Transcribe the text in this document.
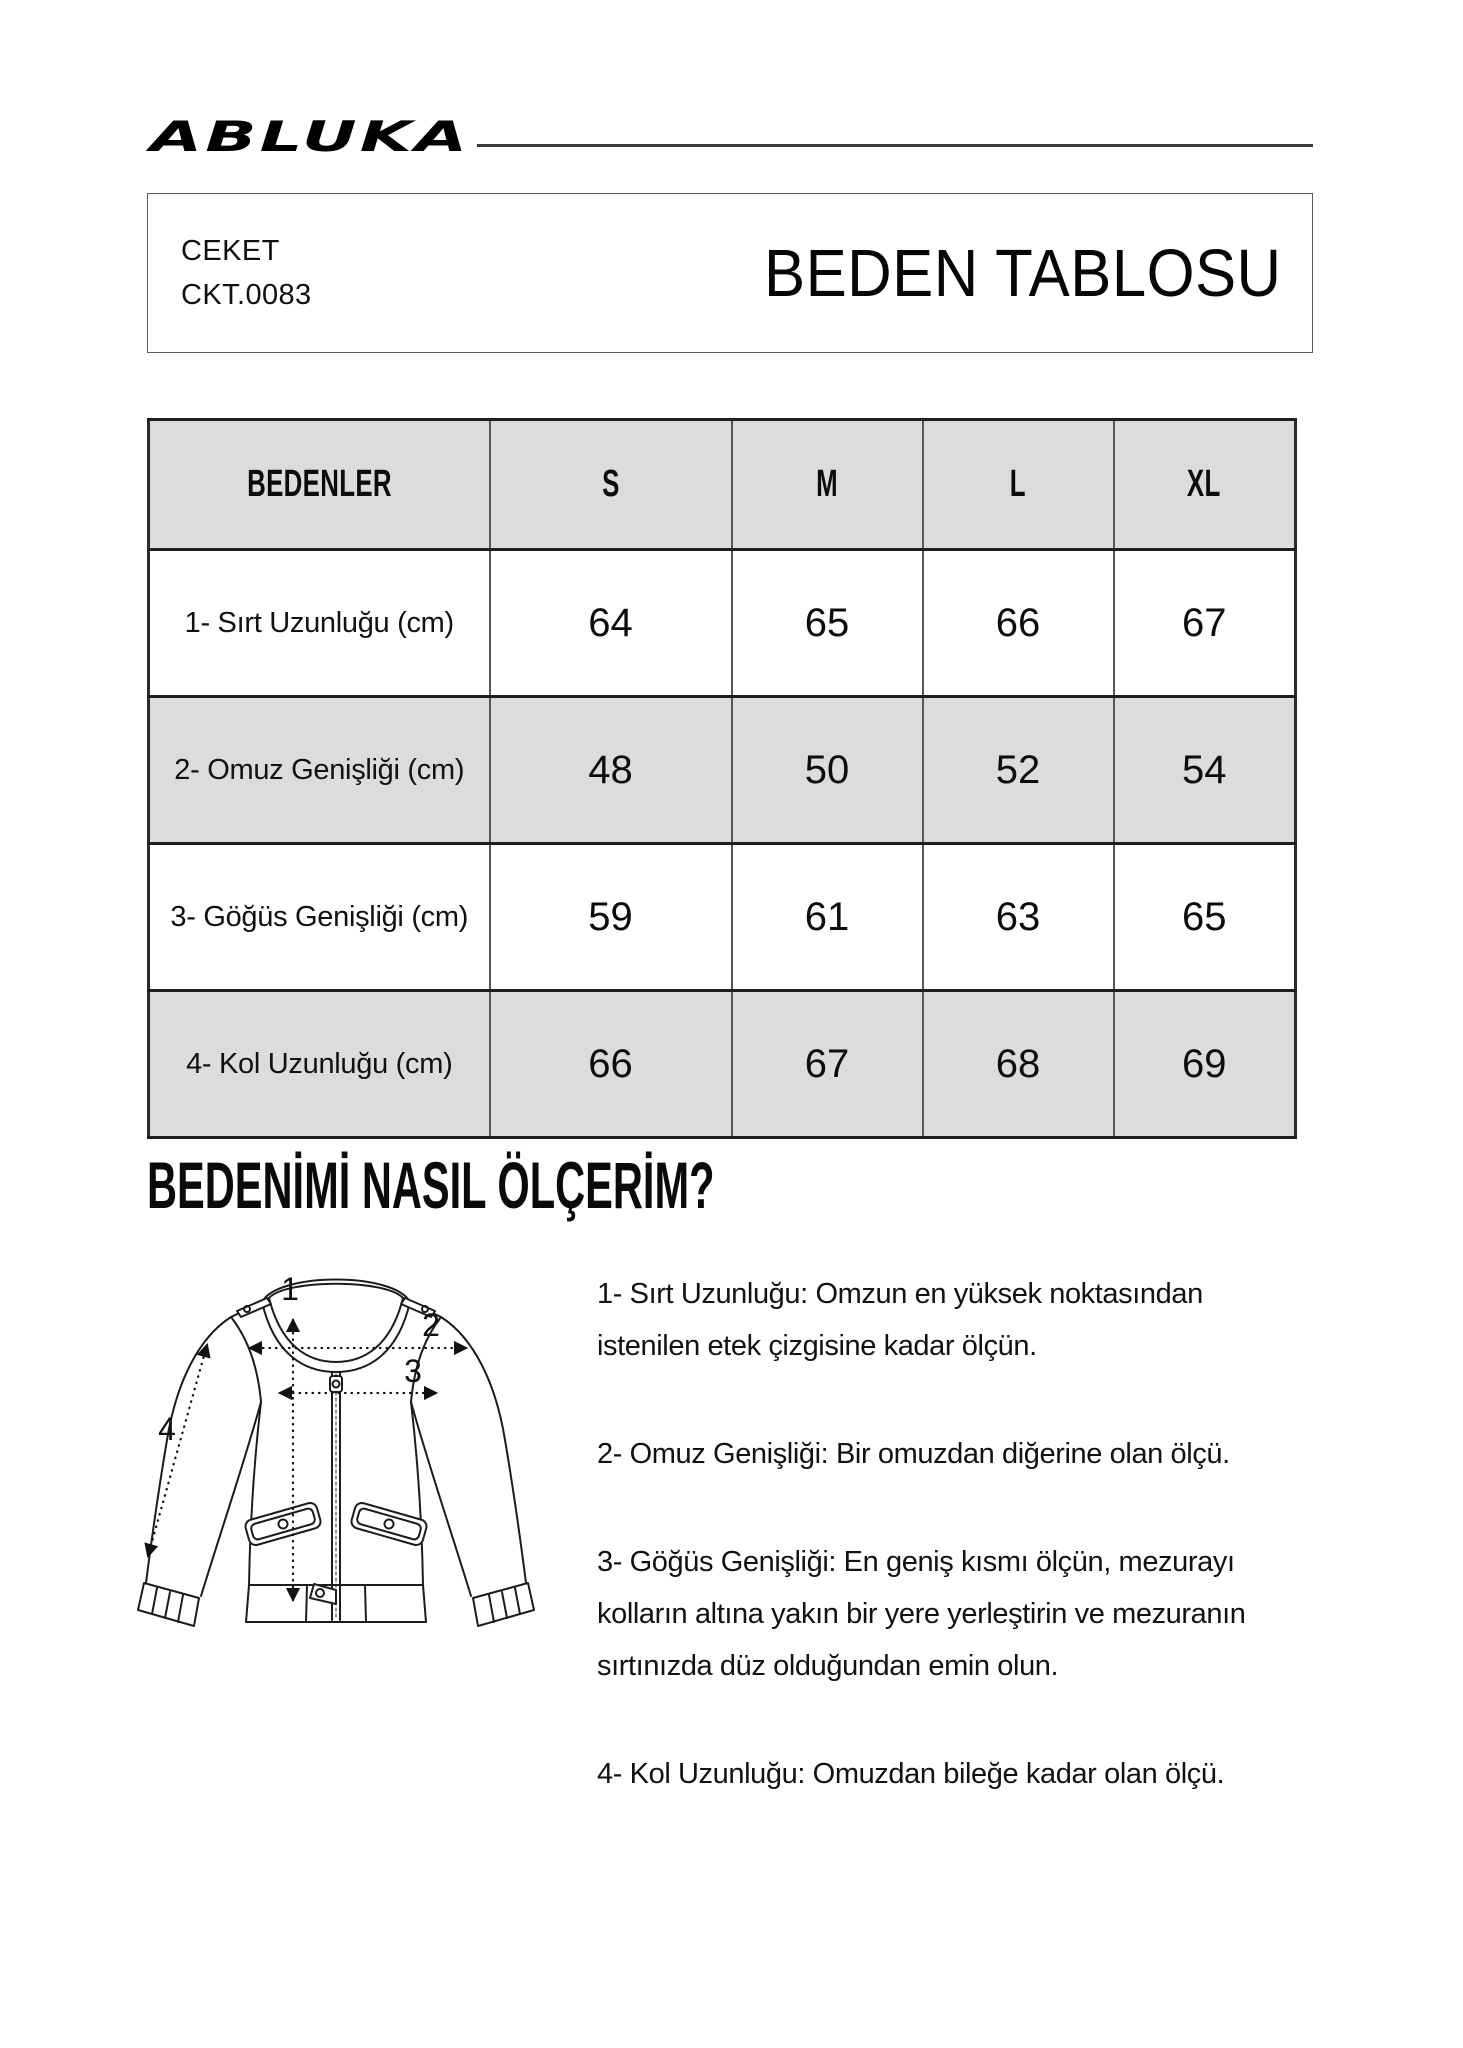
ABLUKA
CEKET
CKT.0083	BEDEN TABLOSU
BEDENLER	S	M	L	XL
1- Sırt Uzunluğu (cm)	64	65	66	67
2- Omuz Genişliği (cm)	48	50	52	54
3- Göğüs Genişliği (cm)	59	61	63	65
4- Kol Uzunluğu (cm)	66	67	68	69
BEDENİMİ NASIL ÖLÇERİM?
1
2
3
4

1- Sırt Uzunluğu: Omzun en yüksek noktasından
istenilen etek çizgisine kadar ölçün.

2- Omuz Genişliği: Bir omuzdan diğerine olan ölçü.

3- Göğüs Genişliği: En geniş kısmı ölçün, mezurayı
kolların altına yakın bir yere yerleştirin ve mezuranın
sırtınızda düz olduğundan emin olun.

4- Kol Uzunluğu: Omuzdan bileğe kadar olan ölçü.
